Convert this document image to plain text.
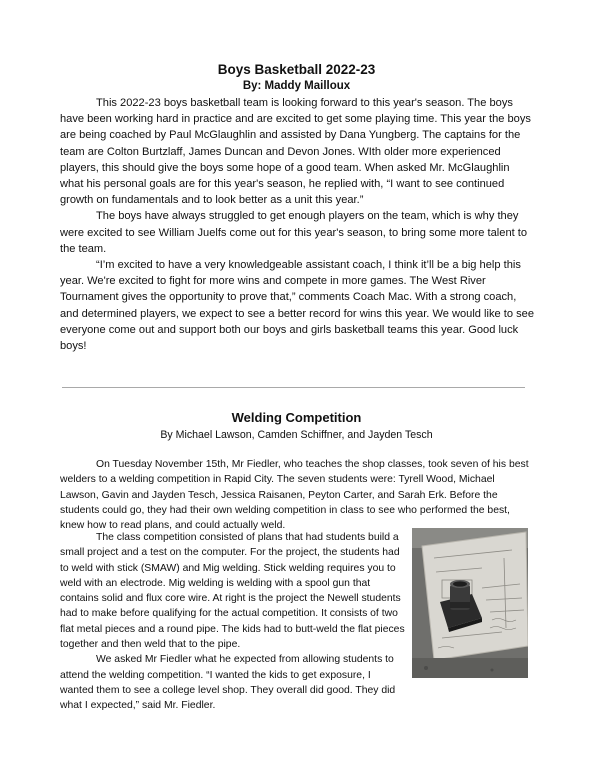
Boys Basketball 2022-23
By: Maddy Mailloux

This 2022-23 boys basketball team is looking forward to this year's season. The boys have been working hard in practice and are excited to get some playing time. This year the boys are being coached by Paul McGlaughlin and assisted by Dana Yungberg. The captains for the team are Colton Burtzlaff, James Duncan and Devon Jones. WIth older more experienced players, this should give the boys some hope of a good team. When asked Mr. McGlaughlin what his personal goals are for this year's season, he replied with, “I want to see continued growth on fundamentals and to look better as a unit this year.”

The boys have always struggled to get enough players on the team, which is why they were excited to see William Juelfs come out for this year's season, to bring some more talent to the team.

“I’m excited to have a very knowledgeable assistant coach, I think it’ll be a big help this year. We're excited to fight for more wins and compete in more games. The West River Tournament gives the opportunity to prove that,” comments Coach Mac. With a strong coach, and determined players, we expect to see a better record for wins this year. We would like to see everyone come out and support both our boys and girls basketball teams this year. Good luck boys!

Welding Competition
By Michael Lawson, Camden Schiffner, and Jayden Tesch

On Tuesday November 15th, Mr Fiedler, who teaches the shop classes, took seven of his best welders to a welding competition in Rapid City. The seven students were: Tyrell Wood, Michael Lawson, Gavin and Jayden Tesch, Jessica Raisanen, Peyton Carter, and Sarah Erk. Before the students could go, they had their own welding competition in class to see who performed the best, knew how to read plans, and could actually weld.

The class competition consisted of plans that had students build a small project and a test on the computer. For the project, the students had to weld with stick (SMAW) and Mig welding. Stick welding requires you to weld with an electrode. Mig welding is welding with a spool gun that contains solid and flux core wire. At right is the project the Newell students had to make before qualifying for the actual competition. It consists of two flat metal pieces and a round pipe. The kids had to butt-weld the flat pieces together and then weld that to the pipe.

We asked Mr Fiedler what he expected from allowing students to attend the welding competition. “I wanted the kids to get exposure, I wanted them to see a college level shop. They overall did good. They did what I expected,” said Mr. Fiedler.
